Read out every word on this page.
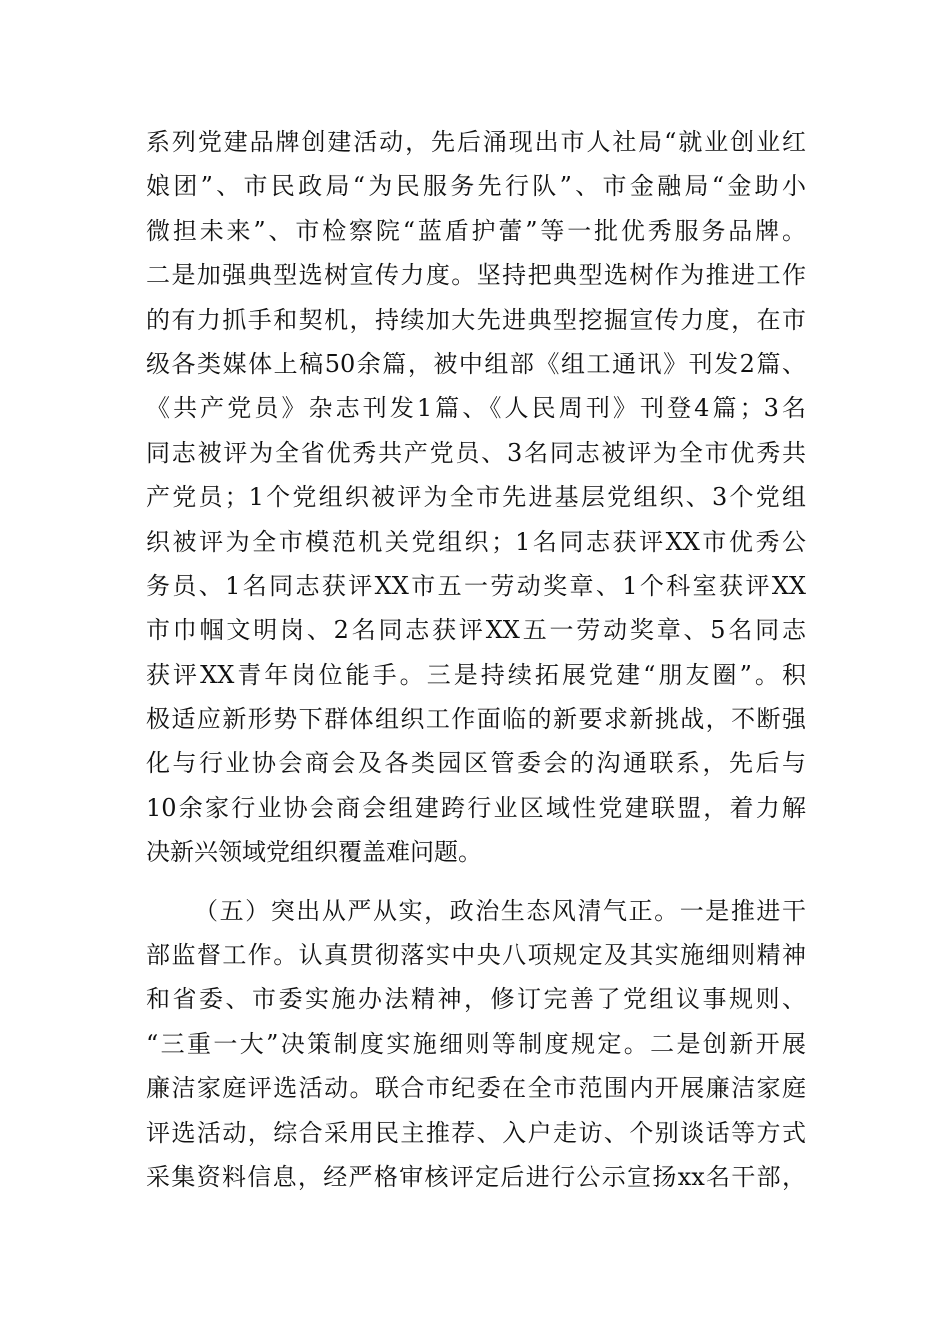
系列党建品牌创建活动，先后涌现出市人社局“就业创业红
娘团”、市民政局“为民服务先行队”、市金融局“金助小
微担未来”、市检察院“蓝盾护蕾”等一批优秀服务品牌。
二是加强典型选树宣传力度。坚持把典型选树作为推进工作
的有力抓手和契机，持续加大先进典型挖掘宣传力度，在市
级各类媒体上稿50余篇，被中组部《组工通讯》刊发2篇、
《共产党员》杂志刊发1篇、《人民周刊》刊登4篇；3名
同志被评为全省优秀共产党员、3名同志被评为全市优秀共
产党员；1个党组织被评为全市先进基层党组织、3个党组
织被评为全市模范机关党组织；1名同志获评XX市优秀公
务员、1名同志获评XX市五一劳动奖章、1个科室获评XX
市巾帼文明岗、2名同志获评XX五一劳动奖章、5名同志
获评XX青年岗位能手。三是持续拓展党建“朋友圈”。积
极适应新形势下群体组织工作面临的新要求新挑战，不断强
化与行业协会商会及各类园区管委会的沟通联系，先后与
10余家行业协会商会组建跨行业区域性党建联盟，着力解
决新兴领域党组织覆盖难问题。
（五）突出从严从实，政治生态风清气正。一是推进干
部监督工作。认真贯彻落实中央八项规定及其实施细则精神
和省委、市委实施办法精神，修订完善了党组议事规则、
“三重一大”决策制度实施细则等制度规定。二是创新开展
廉洁家庭评选活动。联合市纪委在全市范围内开展廉洁家庭
评选活动，综合采用民主推荐、入户走访、个别谈话等方式
采集资料信息，经严格审核评定后进行公示宣扬xx名干部，
